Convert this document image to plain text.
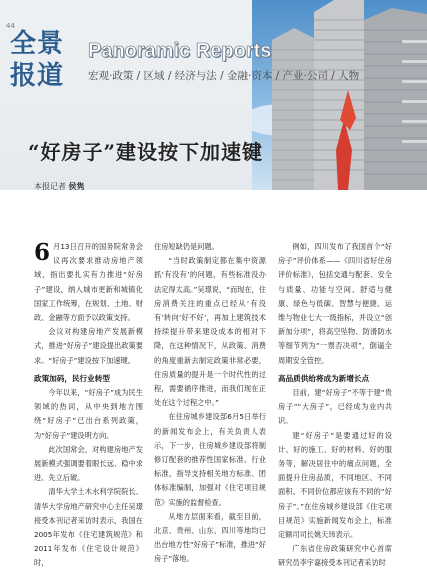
44
全景报道
Panoramic Reports
宏观·政策 / 区域 / 经济与法 / 金融·资本 / 产业·公司 / 人物
“好房子”建设按下加速键
本报记者 侯隽

6 月13日召开的国务院常务会议再次要求推动房地产领域，指出要扎实有力推进“好房子”建设，纳入城市更新和城镇化国家工作统筹，在规划、土地、财政、金融等方面予以政策支持。

会议对构建房地产发展新模式，推进“好房子”建设提出政策要求。“好房子”建设按下加速键。

政策加码，民行业转型

今年以来，“好房子”成为民生领域的热词，从中央到地方围绕“好房子”已出台系列政策，为“好房子”建设明方向。

此次国常会，对构建房地产发展新模式强调要着眼长远、稳中求进、先立后破。

清华大学土木水利学院院长、清华大学房地产研究中心主任吴璟接受本刊记者采访时表示，我国在2005年发布《住宅建筑规范》和2011年发布《住宅设计规范》时，

住房短缺仍是问题。

“当时政策制定都在集中资源抓‘有没有’的问题，有些标准没办法定得太高。”吴璟说，“而现在，住房消费关注的重点已经从‘有没有’转向‘好不好’，再加上建筑技术持续提升带来建设成本的相对下降，在这种情况下，从政策、消费的角度重新去制定政策非常必要，住房质量的提升是一个时代性的过程，需要循序推进，而我们现在正处在这个过程之中。”

在住房城乡建设部6月5日举行的新闻发布会上，有关负责人表示，下一步，住房城乡建设部将制修订配套的推荐性国家标准、行业标准，指导支持相关地方标准、团体标准编制，加强对《住宅项目规范》实施的监督检查。

从地方层面来看，截至目前，北京、贵州、山东、四川等地均已出台地方性“好房子”标准，推进“好房子”落地。

例如，四川发布了我国首个“好房子”评价体系——《四川省好住房评价标准》，包括交通与配套、安全与质量、功能与空间、舒适与健康、绿色与低碳、智慧与便捷、运维与物业七大一级指标，并设立“创新加分项”，将高空坠物、防滑防水等细节列为“一票否决项”，倒逼全周期安全管控。

高品质供给将成为新增长点

目前，建“好房子”不等于建“贵房子”“大房子”，已经成为业内共识。

建“好房子”是要通过好的设计、好的施工、好的材料、好的服务等，解决居住中的痛点问题，全面提升住房品质，不同地区、不同面积、不同价位都应该有不同的“好房子”。”在住房城乡建设部《住宅项目规范》实施新闻发布会上，标准定额司司长姚天玮表示。

广东省住房政策研究中心首席研究员李宇嘉接受本刊记者采访时
